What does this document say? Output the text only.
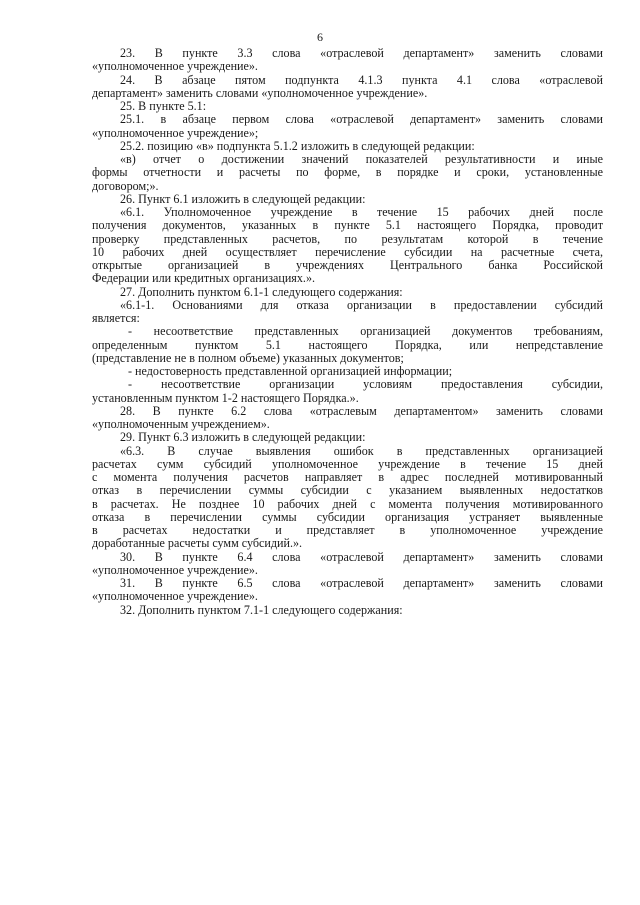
6
23. В пункте 3.3 слова «отраслевой департамент» заменить словами
«уполномоченное учреждение».
24. В абзаце пятом подпункта 4.1.3 пункта 4.1 слова «отраслевой
департамент» заменить словами «уполномоченное учреждение».
25. В пункте 5.1:
25.1. в абзаце первом слова «отраслевой департамент» заменить словами
«уполномоченное учреждение»;
25.2. позицию «в» подпункта 5.1.2 изложить в следующей редакции:
«в) отчет о достижении значений показателей результативности и иные
формы отчетности и расчеты по форме, в порядке и сроки, установленные
договором;».
26. Пункт 6.1 изложить в следующей редакции:
«6.1. Уполномоченное учреждение в течение 15 рабочих дней после
получения документов, указанных в пункте 5.1 настоящего Порядка, проводит
проверку представленных расчетов, по результатам которой в течение
10 рабочих дней осуществляет перечисление субсидии на расчетные счета,
открытые организацией в учреждениях Центрального банка Российской
Федерации или кредитных организациях.».
27. Дополнить пунктом 6.1-1 следующего содержания:
«6.1-1. Основаниями для отказа организации в предоставлении субсидий
является:
- несоответствие представленных организацией документов требованиям,
определенным пунктом 5.1 настоящего Порядка, или непредставление
(представление не в полном объеме) указанных документов;
- недостоверность представленной организацией информации;
- несоответствие организации условиям предоставления субсидии,
установленным пунктом 1-2 настоящего Порядка.».
28. В пункте 6.2 слова «отраслевым департаментом» заменить словами
«уполномоченным учреждением».
29. Пункт 6.3 изложить в следующей редакции:
«6.3. В случае выявления ошибок в представленных организацией
расчетах сумм субсидий уполномоченное учреждение в течение 15 дней
с момента получения расчетов направляет в адрес последней мотивированный
отказ в перечислении суммы субсидии с указанием выявленных недостатков
в расчетах. Не позднее 10 рабочих дней с момента получения мотивированного
отказа в перечислении суммы субсидии организация устраняет выявленные
в расчетах недостатки и представляет в уполномоченное учреждение
доработанные расчеты сумм субсидий.».
30. В пункте 6.4 слова «отраслевой департамент» заменить словами
«уполномоченное учреждение».
31. В пункте 6.5 слова «отраслевой департамент» заменить словами
«уполномоченное учреждение».
32. Дополнить пунктом 7.1-1 следующего содержания:
